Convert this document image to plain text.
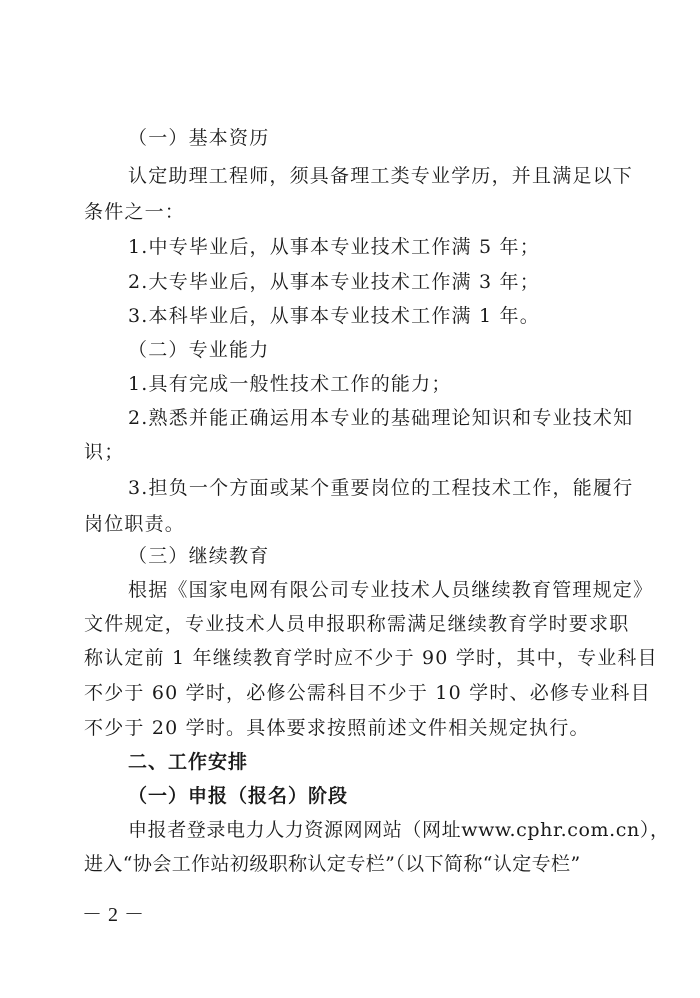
（一）基本资历
认定助理工程师，须具备理工类专业学历，并且满足以下
条件之一：
1.中专毕业后，从事本专业技术工作满 5 年；
2.大专毕业后，从事本专业技术工作满 3 年；
3.本科毕业后，从事本专业技术工作满 1 年。
（二）专业能力
1.具有完成一般性技术工作的能力；
2.熟悉并能正确运用本专业的基础理论知识和专业技术知
识；
3.担负一个方面或某个重要岗位的工程技术工作，能履行
岗位职责。
（三）继续教育
根据《国家电网有限公司专业技术人员继续教育管理规定》
文件规定，专业技术人员申报职称需满足继续教育学时要求职
称认定前 1 年继续教育学时应不少于 90 学时，其中，专业科目
不少于 60 学时，必修公需科目不少于 10 学时、必修专业科目
不少于 20 学时。具体要求按照前述文件相关规定执行。
二、工作安排
（一）申报（报名）阶段
申报者登录电力人力资源网网站（网址www.cphr.com.cn），
进入“协会工作站初级职称认定专栏”（以下简称“认定专栏”
－2－
